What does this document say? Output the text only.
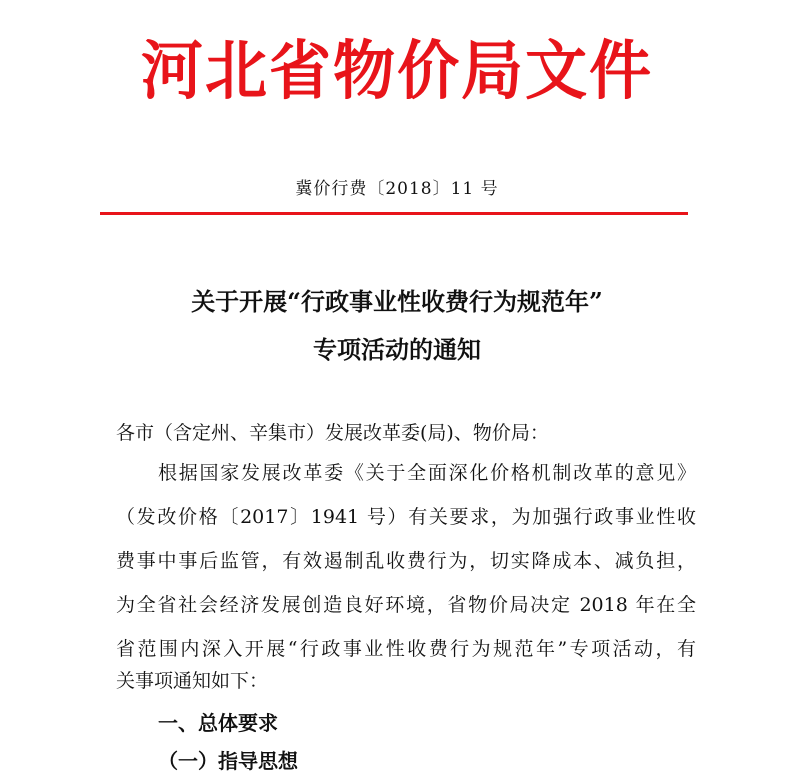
河北省物价局文件
冀价行费〔2018〕11 号
关于开展“行政事业性收费行为规范年”
专项活动的通知
各市（含定州、辛集市）发展改革委(局)、物价局：
根据国家发展改革委《关于全面深化价格机制改革的意见》
（发改价格〔2017〕1941 号）有关要求，为加强行政事业性收
费事中事后监管，有效遏制乱收费行为，切实降成本、减负担，
为全省社会经济发展创造良好环境，省物价局决定 2018 年在全
省范围内深入开展“行政事业性收费行为规范年”专项活动，有
关事项通知如下：
一、总体要求
（一）指导思想
